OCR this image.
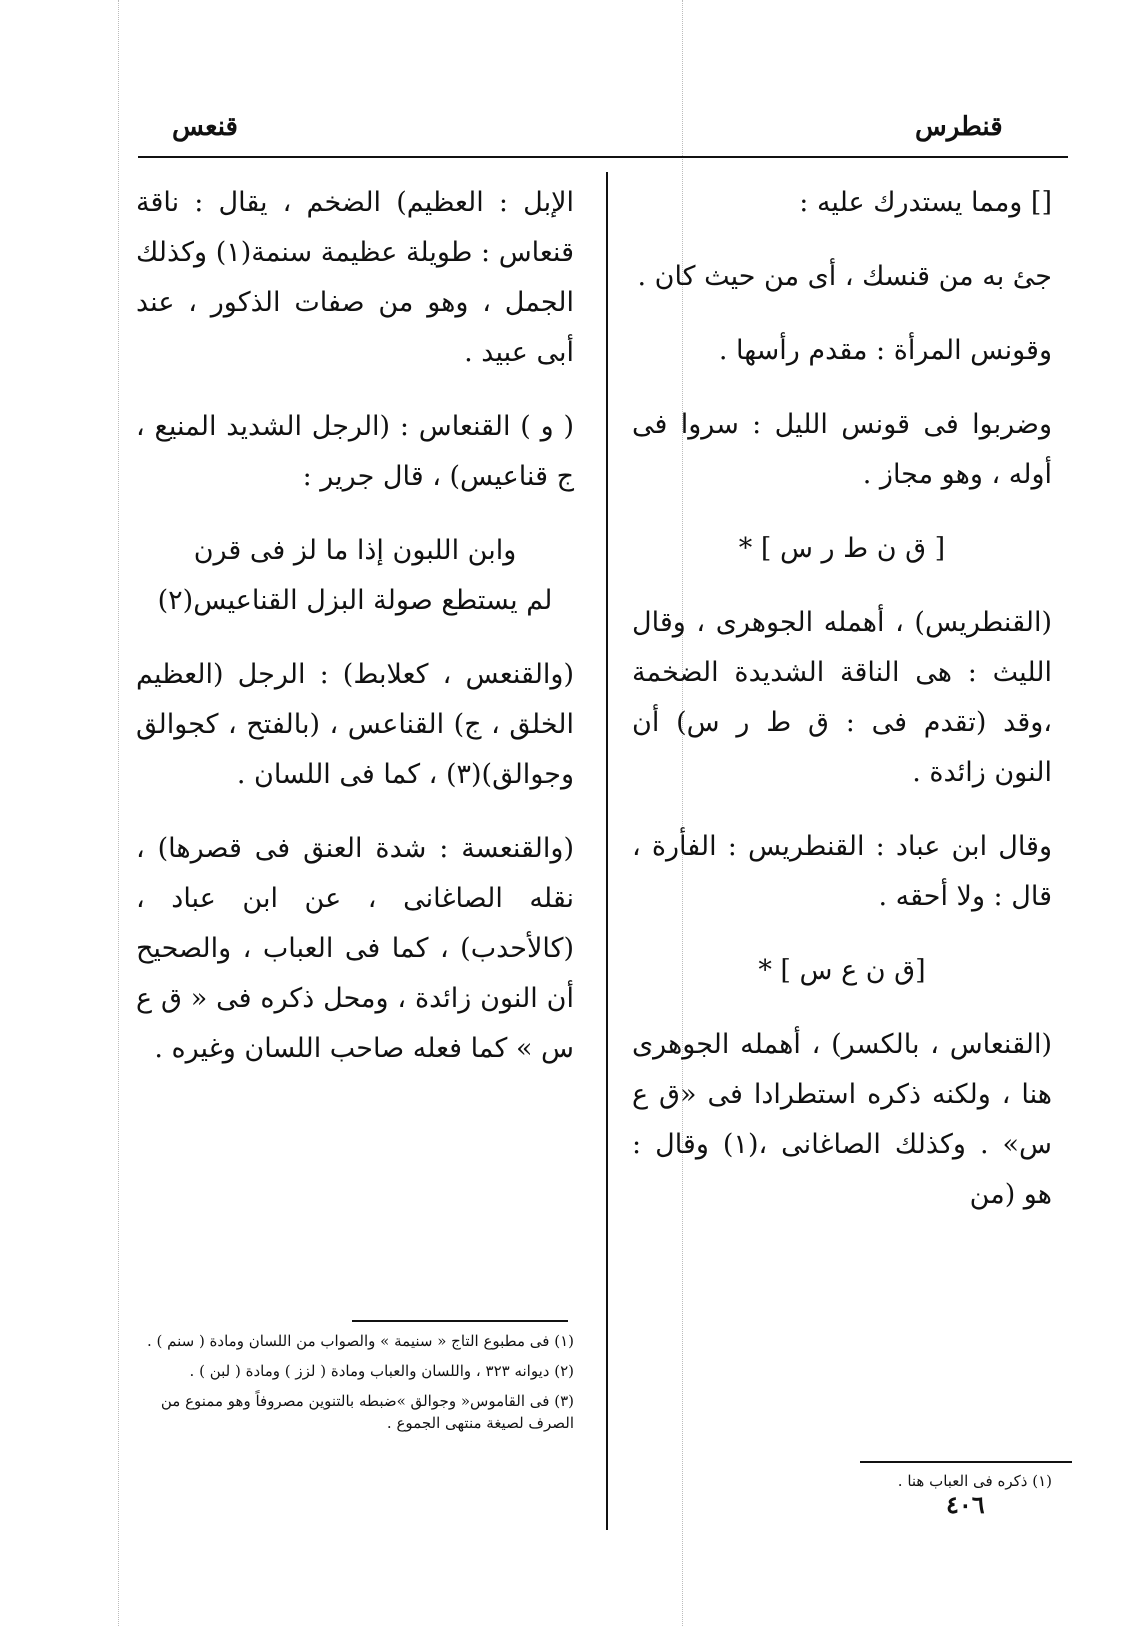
قنطرس
قنعس

[] ومما يستدرك عليه :

جئ به من قنسك ، أى من حيث كان .

وقونس المرأة : مقدم رأسها .

وضربوا فى قونس الليل : سروا فى أوله ، وهو مجاز .

[ ق ن ط ر س ] *

(القنطريس) ، أهمله الجوهرى ، وقال الليث : هى الناقة الشديدة الضخمة ،وقد (تقدم فى : ق ط ر س) أن النون زائدة .

وقال ابن عباد : القنطريس : الفأرة ، قال : ولا أحقه .

[ق ن ع س ] *

(القنعاس ، بالكسر) ، أهمله الجوهرى هنا ، ولكنه ذكره استطرادا فى «ق ع س» . وكذلك الصاغانى ،(١) وقال : هو (من

الإبل : العظيم) الضخم ، يقال : ناقة قنعاس : طويلة عظيمة سنمة(١) وكذلك الجمل ، وهو من صفات الذكور ، عند أبى عبيد .

( و ) القنعاس : (الرجل الشديد المنيع ، ج قناعيس) ، قال جرير :

وابن اللبون إذا ما لز فى قرن
لم يستطع صولة البزل القناعيس(٢)

(والقنعس ، كعلابط) : الرجل (العظيم الخلق ، ج) القناعس ، (بالفتح ، كجوالق وجوالق)(٣) ، كما فى اللسان .

(والقنعسة : شدة العنق فى قصرها) ، نقله الصاغانى ، عن ابن عباد ، (كالأحدب) ، كما فى العباب ، والصحيح أن النون زائدة ، ومحل ذكره فى « ق ع س » كما فعله صاحب اللسان وغيره .

(١) فى مطبوع التاج « سنيمة » والصواب من اللسان ومادة ( سنم ) .

(٢) ديوانه ٣٢٣ ، واللسان والعباب ومادة ( لزز ) ومادة ( لبن ) .

(٣) فى القاموس« وجوالق »ضبطه بالتنوين مصروفاً وهو ممنوع من الصرف لصيغة منتهى الجموع .

(١) ذكره فى العباب هنا .

٤٠٦
